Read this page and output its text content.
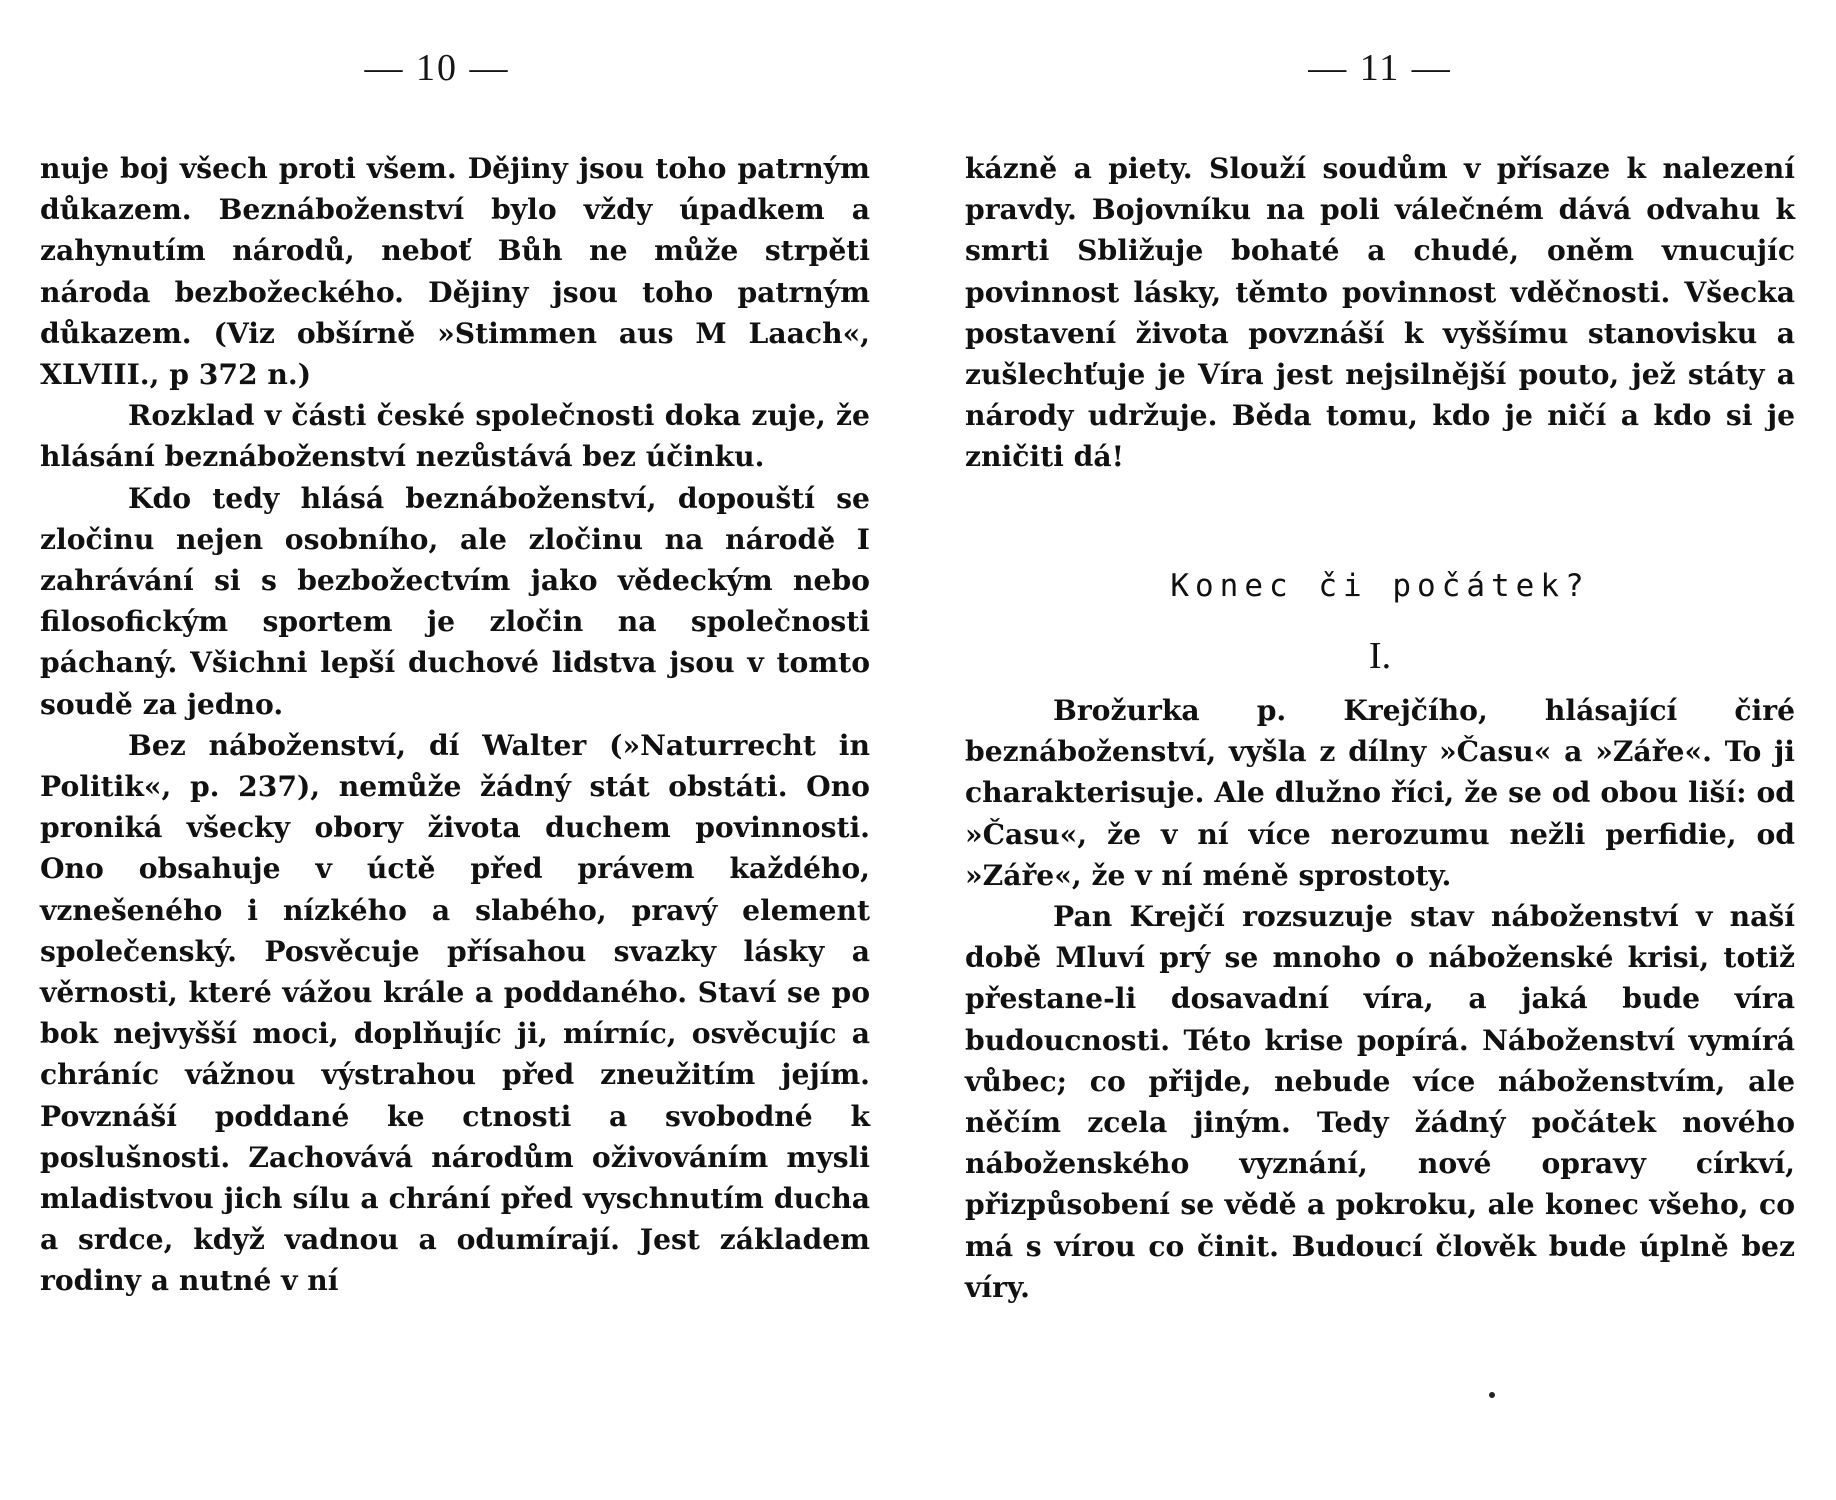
— 10 —

nuje boj všech proti všem. Dějiny jsou toho patrným důkazem. Beznáboženství bylo vždy úpadkem a zahynutím národů, neboť Bůh ne může strpěti národa bezbožeckého. Dějiny jsou toho patrným důkazem. (Viz obšírně »Stimmen aus M Laach«, XLVIII., p 372 n.)

Rozklad v části české společnosti doka zuje, že hlásání beznáboženství nezůstává bez účinku.

Kdo tedy hlásá beznáboženství, dopouští se zločinu nejen osobního, ale zločinu na národě I zahrávání si s bezbožectvím jako vědeckým nebo filosofickým sportem je zločin na společnosti páchaný. Všichni lepší duchové lidstva jsou v tomto soudě za jedno.

Bez náboženství, dí Walter (»Naturrecht in Politik«, p. 237), nemůže žádný stát obstáti. Ono proniká všecky obory života duchem povinnosti. Ono obsahuje v úctě před právem každého, vznešeného i nízkého a slabého, pravý element společenský. Posvěcuje přísahou svazky lásky a věrnosti, které vážou krále a poddaného. Staví se po bok nejvyšší moci, doplňujíc ji, mírníc, osvěcujíc a chráníc vážnou výstrahou před zneužitím jejím. Povznáší poddané ke ctnosti a svobodné k poslušnosti. Zachovává národům oživováním mysli mladistvou jich sílu a chrání před vyschnutím ducha a srdce, když vadnou a odumírají. Jest základem rodiny a nutné v ní

— 11 —

kázně a piety. Slouží soudům v přísaze k nalezení pravdy. Bojovníku na poli válečném dává odvahu k smrti Sbližuje bohaté a chudé, oněm vnucujíc povinnost lásky, těmto povinnost vděčnosti. Všecka postavení života povznáší k vyššímu stanovisku a zušlechťuje je Víra jest nejsilnější pouto, jež státy a národy udržuje. Běda tomu, kdo je ničí a kdo si je zničiti dá!

Konec či počátek?
I.

Brožurka p. Krejčího, hlásající čiré beznáboženství, vyšla z dílny »Času« a »Záře«. To ji charakterisuje. Ale dlužno říci, že se od obou liší: od »Času«, že v ní více nerozumu nežli perfidie, od »Záře«, že v ní méně sprostoty.

Pan Krejčí rozsuzuje stav náboženství v naší době Mluví prý se mnoho o náboženské krisi, totiž přestane-li dosavadní víra, a jaká bude víra budoucnosti. Této krise popírá. Náboženství vymírá vůbec; co přijde, nebude více náboženstvím, ale něčím zcela jiným. Tedy žádný počátek nového náboženského vyznání, nové opravy církví, přizpůsobení se vědě a pokroku, ale konec všeho, co má s vírou co činit. Budoucí člověk bude úplně bez víry.
